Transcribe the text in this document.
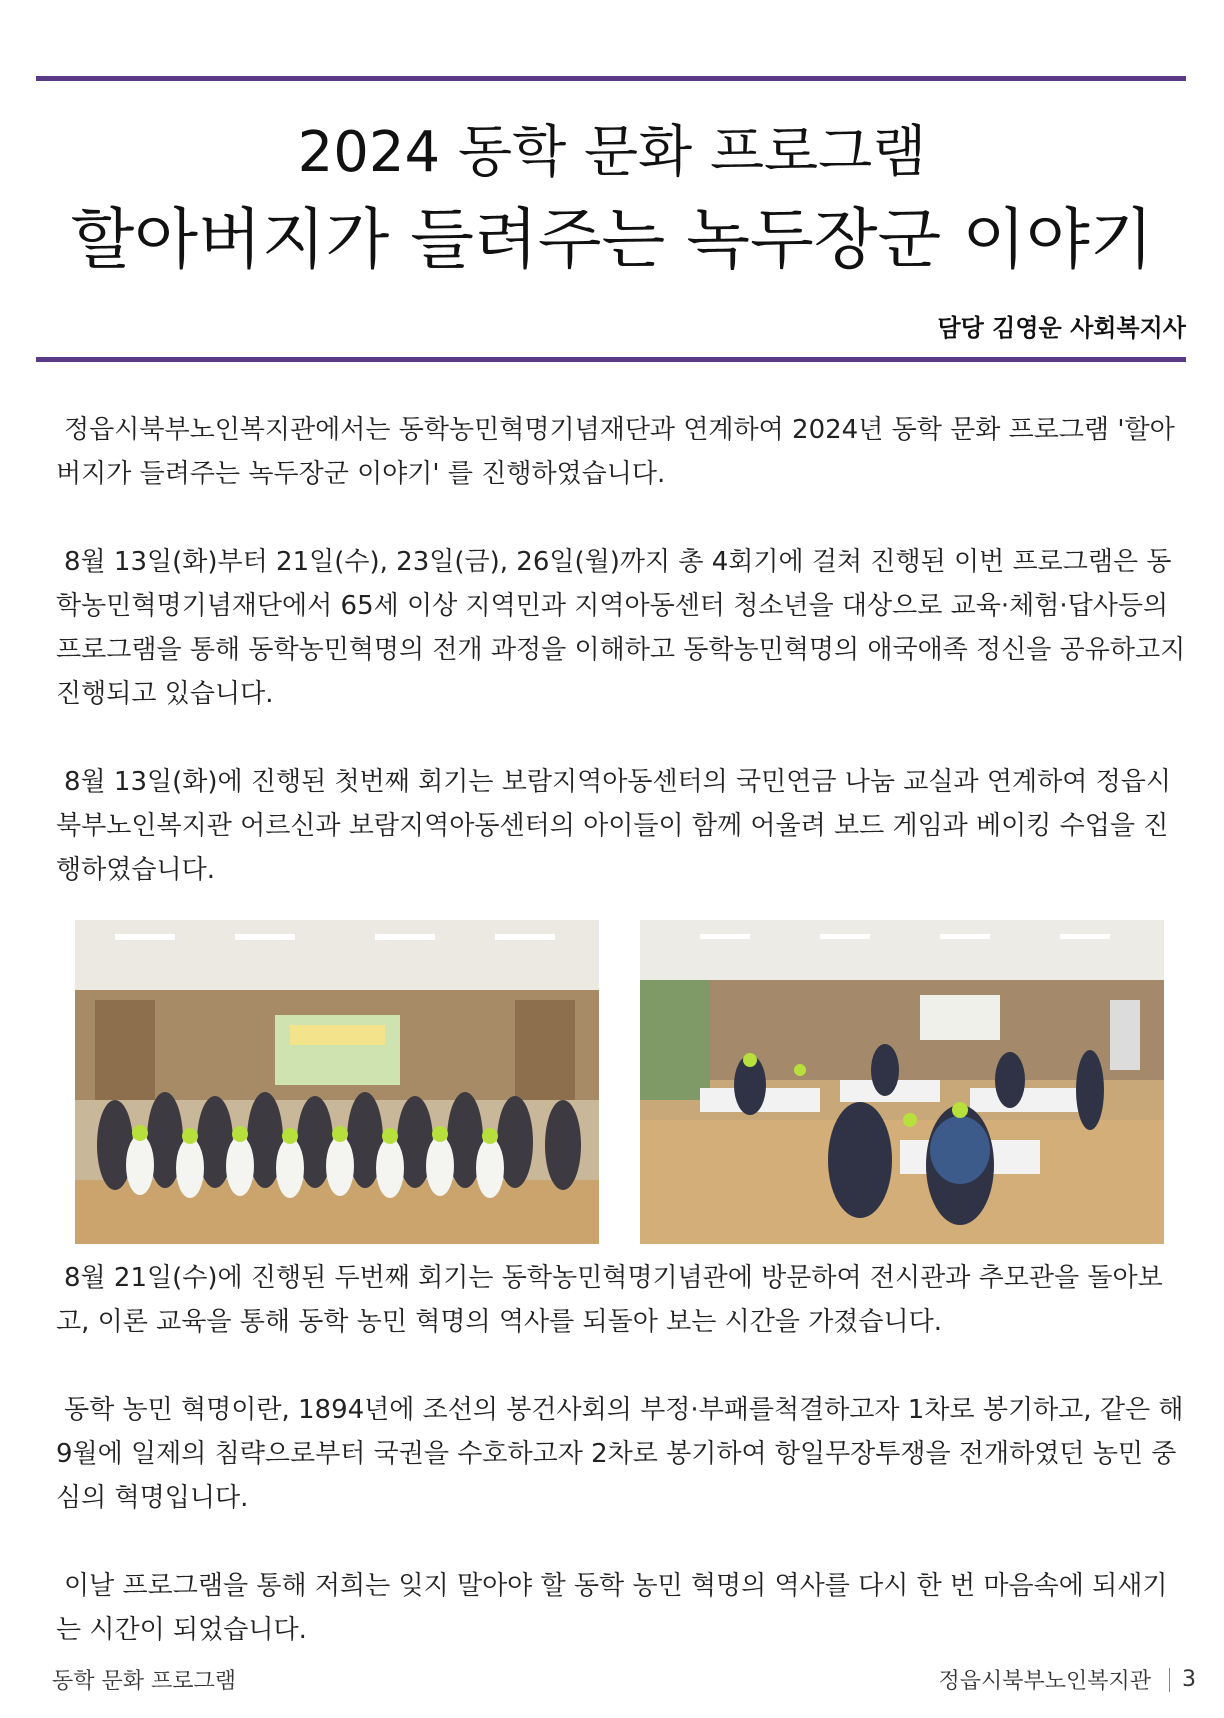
2024 동학 문화 프로그램
할아버지가 들려주는 녹두장군 이야기
담당 김영운 사회복지사

정읍시북부노인복지관에서는 동학농민혁명기념재단과 연계하여 2024년 동학 문화 프로그램 '할아버지가 들려주는 녹두장군 이야기' 를 진행하였습니다.

8월 13일(화)부터 21일(수), 23일(금), 26일(월)까지 총 4회기에 걸쳐 진행된 이번 프로그램은 동학농민혁명기념재단에서 65세 이상 지역민과 지역아동센터 청소년을 대상으로 교육·체험·답사등의 프로그램을 통해 동학농민혁명의 전개 과정을 이해하고 동학농민혁명의 애국애족 정신을 공유하고지 진행되고 있습니다.

8월 13일(화)에 진행된 첫번째 회기는 보람지역아동센터의 국민연금 나눔 교실과 연계하여 정읍시북부노인복지관 어르신과 보람지역아동센터의 아이들이 함께 어울려 보드 게임과 베이킹 수업을 진행하였습니다.

8월 21일(수)에 진행된 두번째 회기는 동학농민혁명기념관에 방문하여 전시관과 추모관을 돌아보고, 이론 교육을 통해 동학 농민 혁명의 역사를 되돌아 보는 시간을 가졌습니다.

동학 농민 혁명이란, 1894년에 조선의 봉건사회의 부정·부패를척결하고자 1차로 봉기하고, 같은 해 9월에 일제의 침략으로부터 국권을 수호하고자 2차로 봉기하여 항일무장투쟁을 전개하였던 농민 중심의 혁명입니다.

이날 프로그램을 통해 저희는 잊지 말아야 할 동학 농민 혁명의 역사를 다시 한 번 마음속에 되새기는 시간이 되었습니다.

동학 문화 프로그램	정읍시북부노인복지관 3
